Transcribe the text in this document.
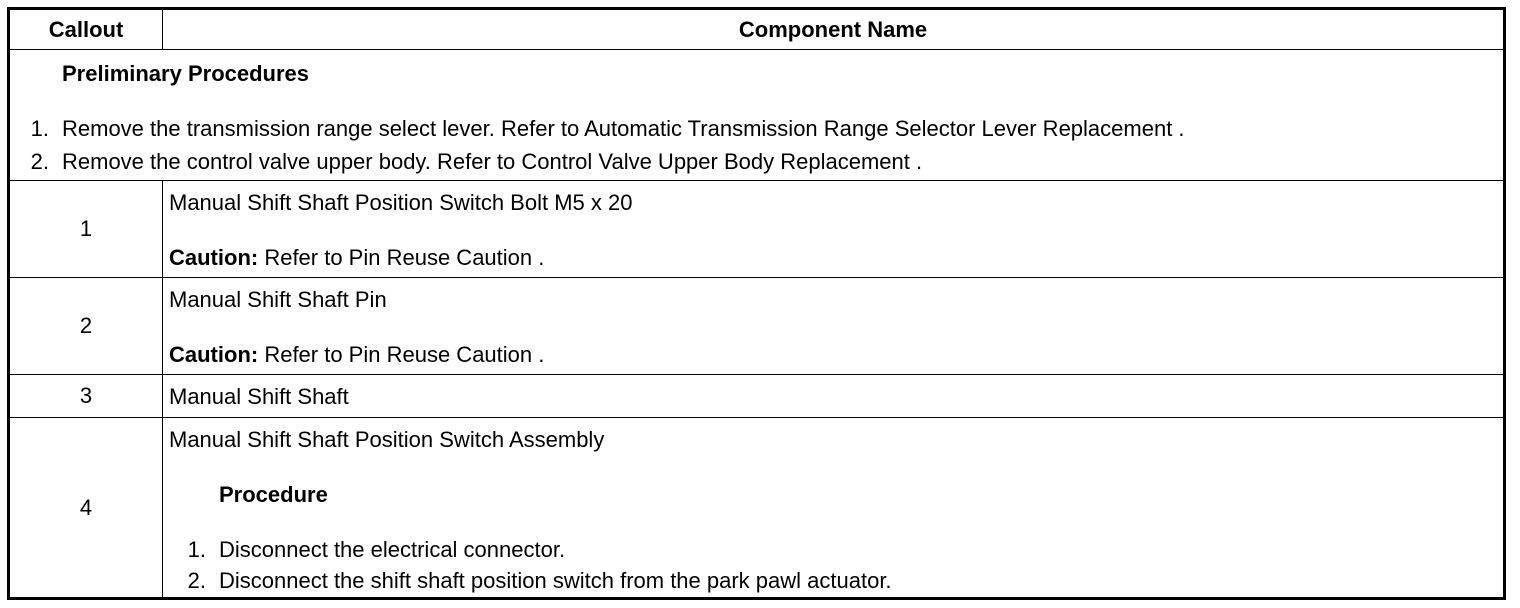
Callout	Component Name
Preliminary Procedures
1. Remove the transmission range select lever. Refer to Automatic Transmission Range Selector Lever Replacement .
2. Remove the control valve upper body. Refer to Control Valve Upper Body Replacement .
1
Manual Shift Shaft Position Switch Bolt M5 x 20
Caution: Refer to Pin Reuse Caution .
2
Manual Shift Shaft Pin
Caution: Refer to Pin Reuse Caution .
3	Manual Shift Shaft
4
Manual Shift Shaft Position Switch Assembly
Procedure
1. Disconnect the electrical connector.
2. Disconnect the shift shaft position switch from the park pawl actuator.
